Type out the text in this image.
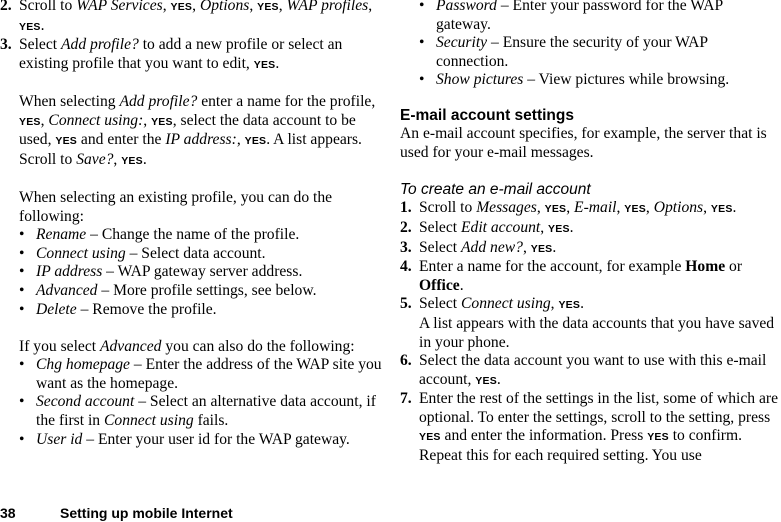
2. Scroll to WAP Services, YES, Options, YES, WAP profiles, YES.
3. Select Add profile? to add a new profile or select an existing profile that you want to edit, YES.
When selecting Add profile? enter a name for the profile, YES, Connect using:, YES, select the data account to be used, YES and enter the IP address:, YES. A list appears. Scroll to Save?, YES.
When selecting an existing profile, you can do the following:
• Rename – Change the name of the profile.
• Connect using – Select data account.
• IP address – WAP gateway server address.
• Advanced – More profile settings, see below.
• Delete – Remove the profile.
If you select Advanced you can also do the following:
• Chg homepage – Enter the address of the WAP site you want as the homepage.
• Second account – Select an alternative data account, if the first in Connect using fails.
• User id – Enter your user id for the WAP gateway.
• Password – Enter your password for the WAP gateway.
• Security – Ensure the security of your WAP connection.
• Show pictures – View pictures while browsing.
E-mail account settings
An e-mail account specifies, for example, the server that is used for your e-mail messages.
To create an e-mail account
1. Scroll to Messages, YES, E-mail, YES, Options, YES.
2. Select Edit account, YES.
3. Select Add new?, YES.
4. Enter a name for the account, for example Home or Office.
5. Select Connect using, YES.
A list appears with the data accounts that you have saved in your phone.
6. Select the data account you want to use with this e-mail account, YES.
7. Enter the rest of the settings in the list, some of which are optional. To enter the settings, scroll to the setting, press YES and enter the information. Press YES to confirm. Repeat this for each required setting. You use
38	Setting up mobile Internet
